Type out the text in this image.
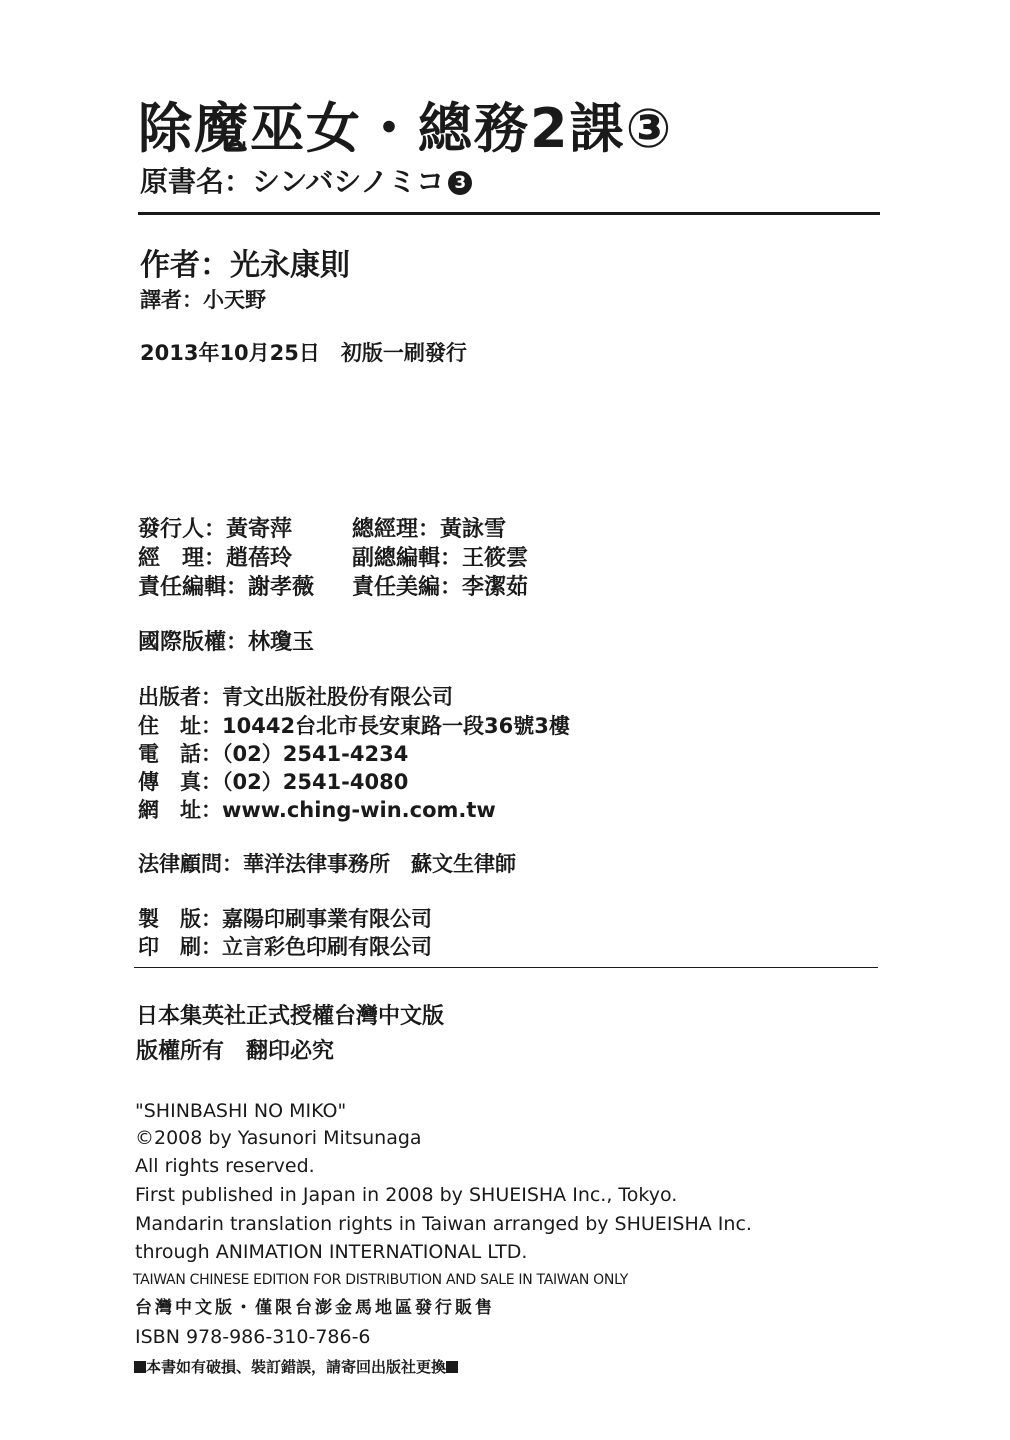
除魔巫女・總務2課③
原書名：シンバシノミコ 3
作者：光永康則
譯者：小天野
2013年10月25日　初版一刷發行
發行人：黃寄萍	總經理：黃詠雪
經　理：趙蓓玲	副總編輯：王筱雲
責任編輯：謝孝薇 責任美編：李潔茹
國際版權：林瓊玉
出版者：青文出版社股份有限公司
住　址：10442台北市長安東路一段36號3樓
電　話：（02）2541-4234
傳　真：（02）2541-4080
網　址：www.ching-win.com.tw
法律顧問：華洋法律事務所　蘇文生律師
製　版：嘉陽印刷事業有限公司
印　刷：立言彩色印刷有限公司
日本集英社正式授權台灣中文版
版權所有　翻印必究
"SHINBASHI NO MIKO"
©2008 by Yasunori Mitsunaga
All rights reserved.
First published in Japan in 2008 by SHUEISHA Inc., Tokyo.
Mandarin translation rights in Taiwan arranged by SHUEISHA Inc.
through ANIMATION INTERNATIONAL LTD.
TAIWAN CHINESE EDITION FOR DISTRIBUTION AND SALE IN TAIWAN ONLY
台灣中文版・僅限台澎金馬地區發行販售
ISBN 978-986-310-786-6
本書如有破損、裝訂錯誤，請寄回出版社更換
